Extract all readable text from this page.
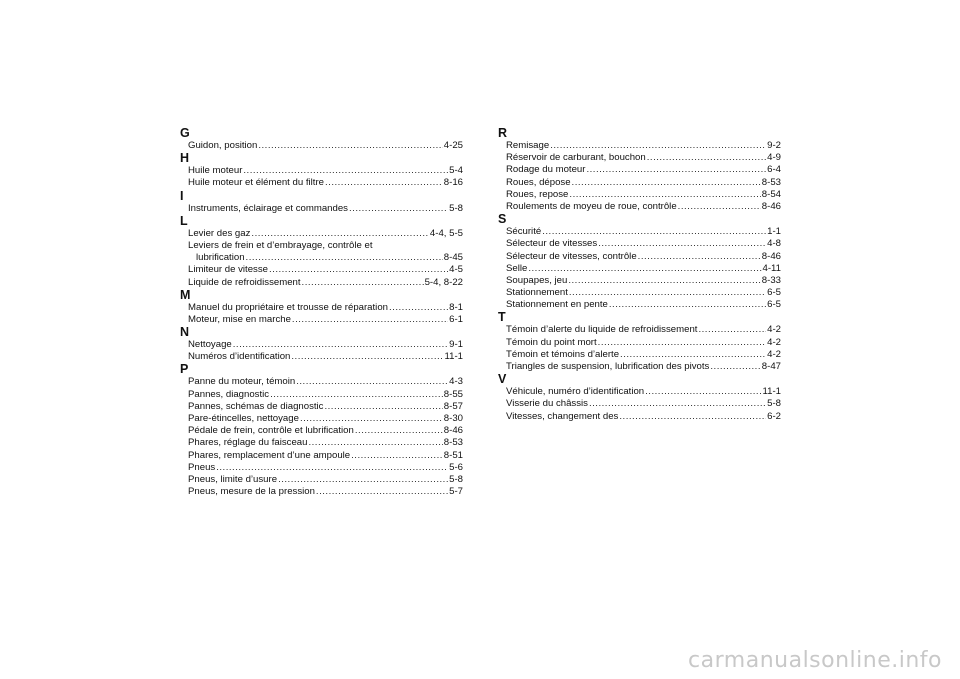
G
Guidon, position .....	4-25
H
Huile moteur .....	5-4
Huile moteur et élément du filtre .....	8-16
I
Instruments, éclairage et commandes .....	5-8
L
Levier des gaz .....	4-4, 5-5
Leviers de frein et d’embrayage, contrôle et
lubrification .....	8-45
Limiteur de vitesse .....	4-5
Liquide de refroidissement .....	5-4, 8-22
M
Manuel du propriétaire et trousse de réparation .....	8-1
Moteur, mise en marche .....	6-1
N
Nettoyage .....	9-1
Numéros d’identification .....	11-1
P
Panne du moteur, témoin .....	4-3
Pannes, diagnostic .....	8-55
Pannes, schémas de diagnostic .....	8-57
Pare-étincelles, nettoyage .....	8-30
Pédale de frein, contrôle et lubrification .....	8-46
Phares, réglage du faisceau .....	8-53
Phares, remplacement d’une ampoule .....	8-51
Pneus .....	5-6
Pneus, limite d’usure .....	5-8
Pneus, mesure de la pression .....	5-7
R
Remisage .....	9-2
Réservoir de carburant, bouchon .....	4-9
Rodage du moteur .....	6-4
Roues, dépose .....	8-53
Roues, repose .....	8-54
Roulements de moyeu de roue, contrôle .....	8-46
S
Sécurité .....	1-1
Sélecteur de vitesses .....	4-8
Sélecteur de vitesses, contrôle .....	8-46
Selle .....	4-11
Soupapes, jeu .....	8-33
Stationnement .....	6-5
Stationnement en pente .....	6-5
T
Témoin d’alerte du liquide de refroidissement .....	4-2
Témoin du point mort .....	4-2
Témoin et témoins d’alerte .....	4-2
Triangles de suspension, lubrification des pivots .....	8-47
V
Véhicule, numéro d’identification .....	11-1
Visserie du châssis .....	5-8
Vitesses, changement des .....	6-2
carmanualsonline.info
